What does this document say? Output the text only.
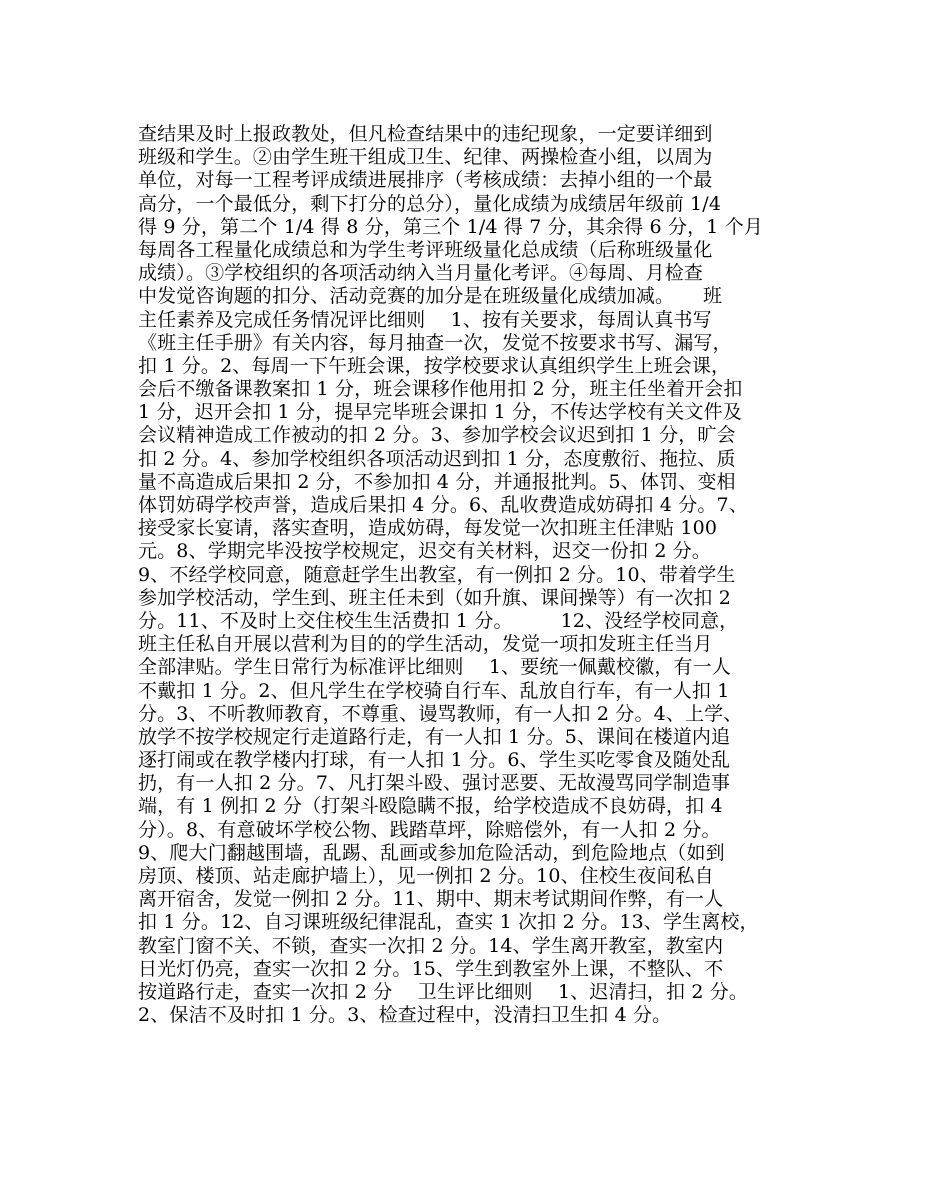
查结果及时上报政教处，但凡检查结果中的违纪现象，一定要详细到
班级和学生。②由学生班干组成卫生、纪律、两操检查小组，以周为
单位，对每一工程考评成绩进展排序（考核成绩：去掉小组的一个最
高分，一个最低分，剩下打分的总分），量化成绩为成绩居年级前 1/4
得 9 分，第二个 1/4 得 8 分，第三个 1/4 得 7 分，其余得 6 分，1 个月
每周各工程量化成绩总和为学生考评班级量化总成绩（后称班级量化
成绩）。③学校组织的各项活动纳入当月量化考评。④每周、月检查
中发觉咨询题的扣分、活动竞赛的加分是在班级量化成绩加减。　　班
主任素养及完成任务情况评比细则　 1、按有关要求，每周认真书写
《班主任手册》有关内容，每月抽查一次，发觉不按要求书写、漏写，
扣 1 分。2、每周一下午班会课，按学校要求认真组织学生上班会课，
会后不缴备课教案扣 1 分，班会课移作他用扣 2 分，班主任坐着开会扣
1 分，迟开会扣 1 分，提早完毕班会课扣 1 分，不传达学校有关文件及
会议精神造成工作被动的扣 2 分。3、参加学校会议迟到扣 1 分，旷会
扣 2 分。4、参加学校组织各项活动迟到扣 1 分，态度敷衍、拖拉、质
量不高造成后果扣 2 分，不参加扣 4 分，并通报批判。5、体罚、变相
体罚妨碍学校声誉，造成后果扣 4 分。6、乱收费造成妨碍扣 4 分。7、
接受家长宴请，落实查明，造成妨碍，每发觉一次扣班主任津贴 100
元。8、学期完毕没按学校规定，迟交有关材料，迟交一份扣 2 分。
9、不经学校同意，随意赶学生出教室，有一例扣 2 分。10、带着学生
参加学校活动，学生到、班主任未到（如升旗、课间操等）有一次扣 2
分。11、不及时上交住校生生活费扣 1 分。　　　12、没经学校同意，
班主任私自开展以营利为目的的学生活动，发觉一项扣发班主任当月
全部津贴。学生日常行为标准评比细则　 1、要统一佩戴校徽，有一人
不戴扣 1 分。2、但凡学生在学校骑自行车、乱放自行车，有一人扣 1
分。3、不听教师教育，不尊重、谩骂教师，有一人扣 2 分。4、上学、
放学不按学校规定行走道路行走，有一人扣 1 分。5、课间在楼道内追
逐打闹或在教学楼内打球，有一人扣 1 分。6、学生买吃零食及随处乱
扔，有一人扣 2 分。7、凡打架斗殴、强讨恶要、无故漫骂同学制造事
端，有 1 例扣 2 分（打架斗殴隐瞒不报，给学校造成不良妨碍，扣 4
分）。8、有意破坏学校公物、践踏草坪，除赔偿外，有一人扣 2 分。
9、爬大门翻越围墙，乱踢、乱画或参加危险活动，到危险地点（如到
房顶、楼顶、站走廊护墙上），见一例扣 2 分。10、住校生夜间私自
离开宿舍，发觉一例扣 2 分。11、期中、期末考试期间作弊，有一人
扣 1 分。12、自习课班级纪律混乱，查实 1 次扣 2 分。13、学生离校，
教室门窗不关、不锁，查实一次扣 2 分。14、学生离开教室，教室内
日光灯仍亮，查实一次扣 2 分。15、学生到教室外上课，不整队、不
按道路行走，查实一次扣 2 分　 卫生评比细则　 1、迟清扫，扣 2 分。
2、保洁不及时扣 1 分。3、检查过程中，没清扫卫生扣 4 分。
